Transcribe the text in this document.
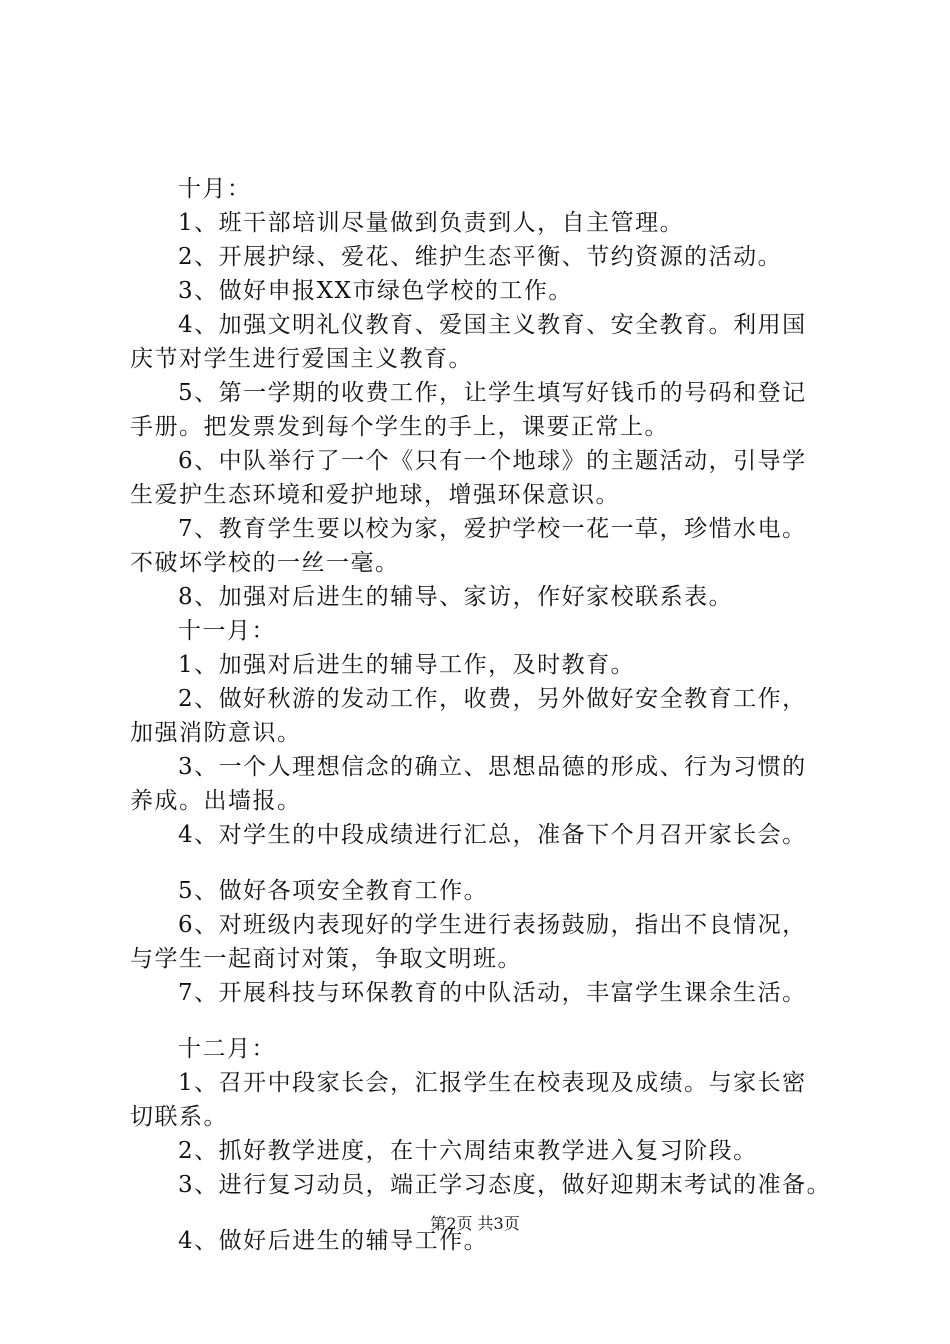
十月：
1、班干部培训尽量做到负责到人，自主管理。
2、开展护绿、爱花、维护生态平衡、节约资源的活动。
3、做好申报XX市绿色学校的工作。
4、加强文明礼仪教育、爱国主义教育、安全教育。利用国
庆节对学生进行爱国主义教育。
5、第一学期的收费工作，让学生填写好钱币的号码和登记
手册。把发票发到每个学生的手上，课要正常上。
6、中队举行了一个《只有一个地球》的主题活动，引导学
生爱护生态环境和爱护地球，增强环保意识。
7、教育学生要以校为家，爱护学校一花一草，珍惜水电。
不破坏学校的一丝一毫。
8、加强对后进生的辅导、家访，作好家校联系表。
十一月：
1、加强对后进生的辅导工作，及时教育。
2、做好秋游的发动工作，收费，另外做好安全教育工作，
加强消防意识。
3、一个人理想信念的确立、思想品德的形成、行为习惯的
养成。出墙报。
4、对学生的中段成绩进行汇总，准备下个月召开家长会。
5、做好各项安全教育工作。
6、对班级内表现好的学生进行表扬鼓励，指出不良情况，
与学生一起商讨对策，争取文明班。
7、开展科技与环保教育的中队活动，丰富学生课余生活。
十二月：
1、召开中段家长会，汇报学生在校表现及成绩。与家长密
切联系。
2、抓好教学进度，在十六周结束教学进入复习阶段。
3、进行复习动员，端正学习态度，做好迎期末考试的准备。
4、做好后进生的辅导工作。
第2页 共3页
